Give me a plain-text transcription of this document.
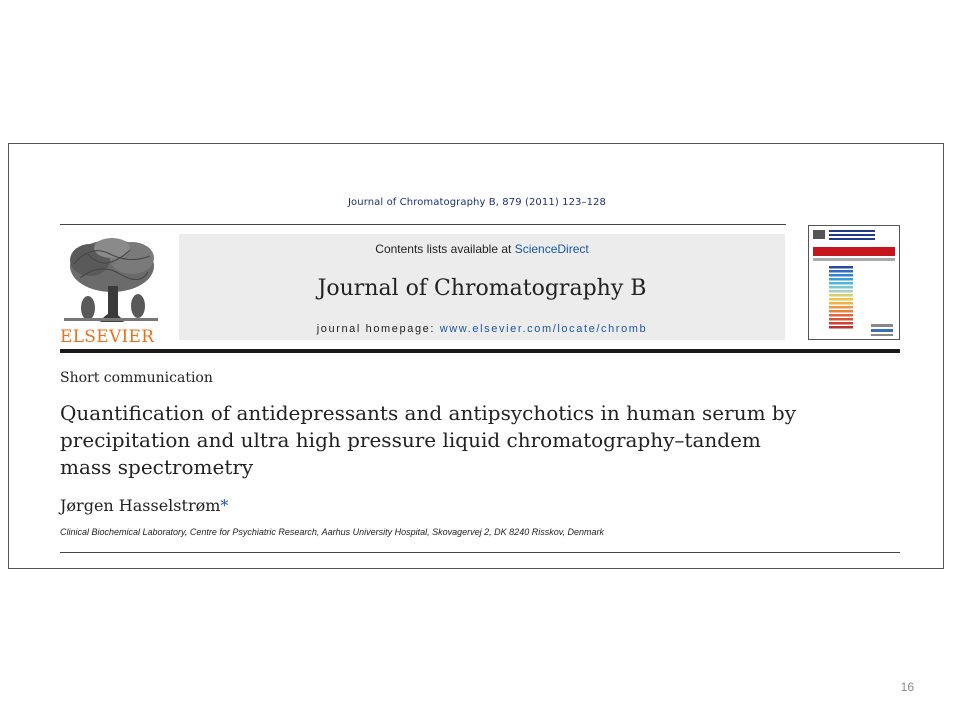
Journal of Chromatography B, 879 (2011) 123–128
ELSEVIER
Contents lists available at ScienceDirect
Journal of Chromatography B
journal homepage: www.elsevier.com/locate/chromb
Short communication
Quantification of antidepressants and antipsychotics in human serum by
precipitation and ultra high pressure liquid chromatography–tandem
mass spectrometry
Jørgen Hasselstrøm*
Clinical Biochemical Laboratory, Centre for Psychiatric Research, Aarhus University Hospital, Skovagervej 2, DK 8240 Risskov, Denmark
16
